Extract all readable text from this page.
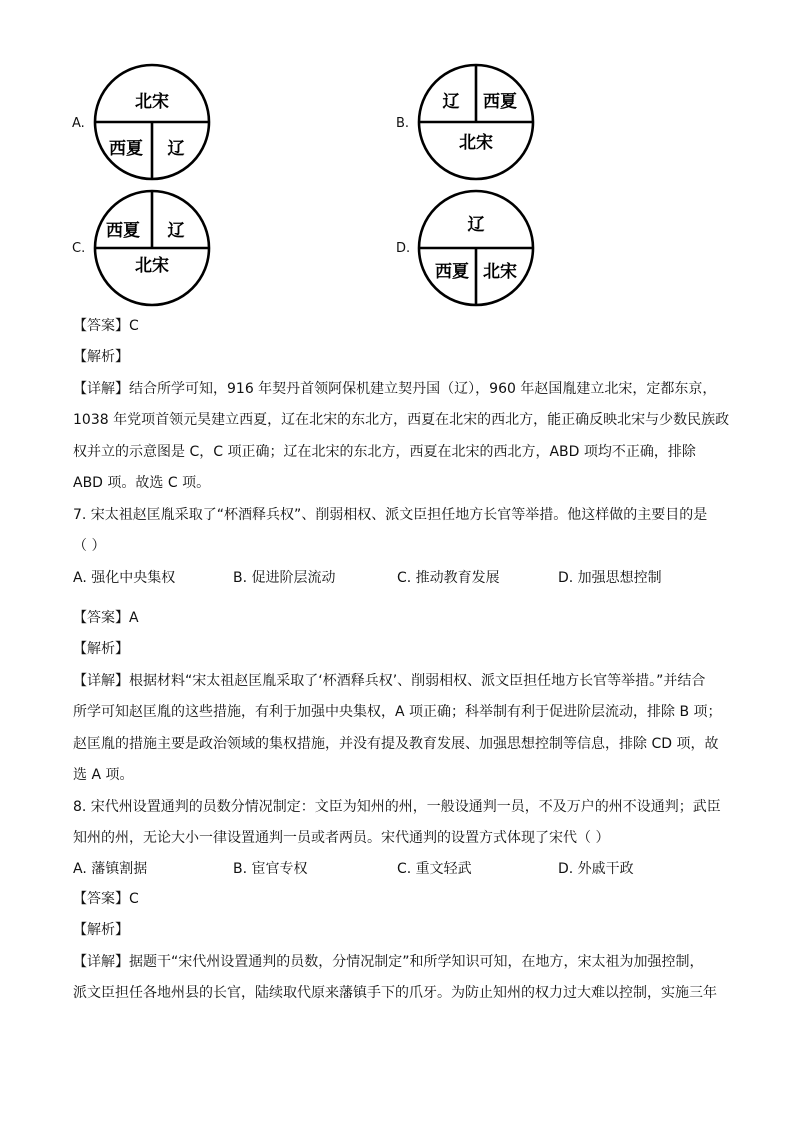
A.
北宋
西夏 辽
B.
辽 西夏
北宋
C.
西夏 辽
北宋
D.
辽
西夏 北宋
【答案】C
【解析】
【详解】结合所学可知，916 年契丹首领阿保机建立契丹国（辽），960 年赵国胤建立北宋，定都东京，
1038 年党项首领元昊建立西夏，辽在北宋的东北方，西夏在北宋的西北方，能正确反映北宋与少数民族政
权并立的示意图是 C，C 项正确；辽在北宋的东北方，西夏在北宋的西北方，ABD 项均不正确，排除
ABD 项。故选 C 项。
7. 宋太祖赵匡胤采取了“杯酒释兵权”、削弱相权、派文臣担任地方长官等举措。他这样做的主要目的是
（ ）
A. 强化中央集权	B. 促进阶层流动	C. 推动教育发展	D. 加强思想控制
【答案】A
【解析】
【详解】根据材料“宋太祖赵匡胤采取了‘杯酒释兵权’、削弱相权、派文臣担任地方长官等举措。”并结合
所学可知赵匡胤的这些措施，有利于加强中央集权，A 项正确；科举制有利于促进阶层流动，排除 B 项；
赵匡胤的措施主要是政治领域的集权措施，并没有提及教育发展、加强思想控制等信息，排除 CD 项，故
选 A 项。
8. 宋代州设置通判的员数分情况制定：文臣为知州的州，一般设通判一员，不及万户的州不设通判；武臣
知州的州，无论大小一律设置通判一员或者两员。宋代通判的设置方式体现了宋代（ ）
A. 藩镇割据	B. 宦官专权	C. 重文轻武	D. 外戚干政
【答案】C
【解析】
【详解】据题干“宋代州设置通判的员数，分情况制定”和所学知识可知，在地方，宋太祖为加强控制，
派文臣担任各地州县的长官，陆续取代原来藩镇手下的爪牙。为防止知州的权力过大难以控制，实施三年
